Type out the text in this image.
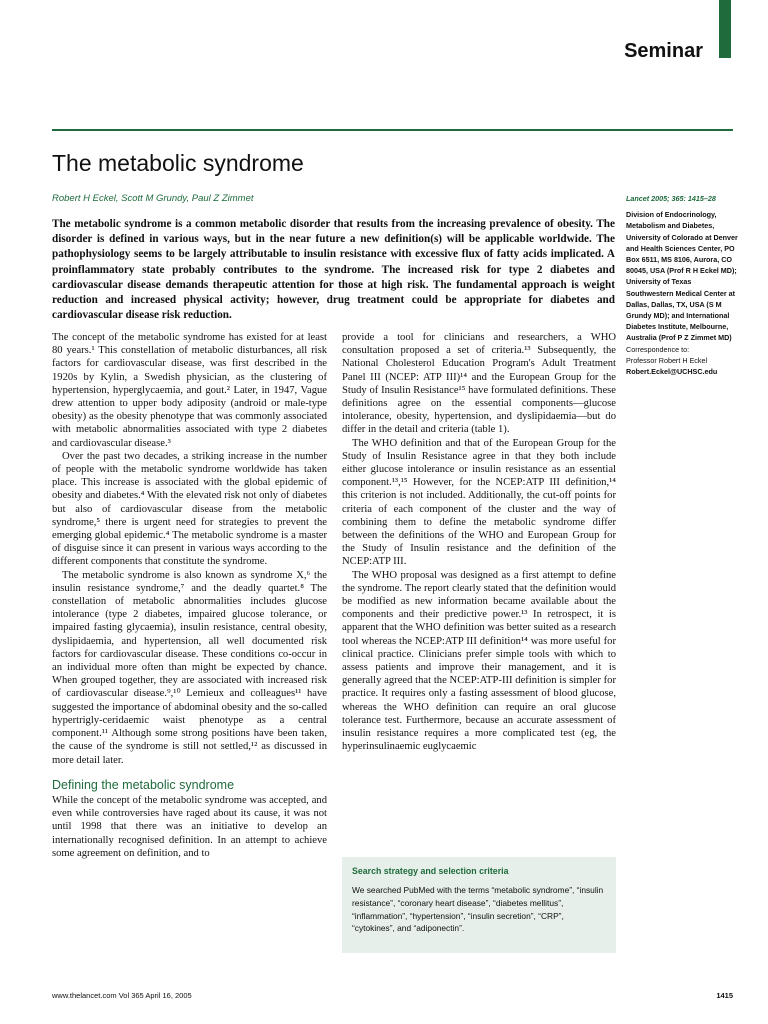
Seminar
The metabolic syndrome
Robert H Eckel, Scott M Grundy, Paul Z Zimmet

The metabolic syndrome is a common metabolic disorder that results from the increasing prevalence of obesity. The disorder is defined in various ways, but in the near future a new definition(s) will be applicable worldwide. The pathophysiology seems to be largely attributable to insulin resistance with excessive flux of fatty acids implicated. A proinflammatory state probably contributes to the syndrome. The increased risk for type 2 diabetes and cardiovascular disease demands therapeutic attention for those at high risk. The fundamental approach is weight reduction and increased physical activity; however, drug treatment could be appropriate for diabetes and cardiovascular disease risk reduction.

Lancet 2005; 365: 1415–28
Division of Endocrinology, Metabolism and Diabetes, University of Colorado at Denver and Health Sciences Center, PO Box 6511, MS 8106, Aurora, CO 80045, USA (Prof R H Eckel MD); University of Texas Southwestern Medical Center at Dallas, Dallas, TX, USA (S M Grundy MD); and International Diabetes Institute, Melbourne, Australia (Prof P Z Zimmet MD)
Correspondence to:
Professor Robert H Eckel
Robert.Eckel@UCHSC.edu

The concept of the metabolic syndrome has existed for at least 80 years.¹ This constellation of metabolic disturbances, all risk factors for cardiovascular disease, was first described in the 1920s by Kylin, a Swedish physician, as the clustering of hypertension, hyperglycaemia, and gout.² Later, in 1947, Vague drew attention to upper body adiposity (android or male-type obesity) as the obesity phenotype that was commonly associated with metabolic abnormalities associated with type 2 diabetes and cardiovascular disease.³

Over the past two decades, a striking increase in the number of people with the metabolic syndrome worldwide has taken place. This increase is associated with the global epidemic of obesity and diabetes.⁴ With the elevated risk not only of diabetes but also of cardiovascular disease from the metabolic syndrome,⁵ there is urgent need for strategies to prevent the emerging global epidemic.⁴ The metabolic syndrome is a master of disguise since it can present in various ways according to the different components that constitute the syndrome.

The metabolic syndrome is also known as syndrome X,⁶ the insulin resistance syndrome,⁷ and the deadly quartet.⁸ The constellation of metabolic abnormalities includes glucose intolerance (type 2 diabetes, impaired glucose tolerance, or impaired fasting glycaemia), insulin resistance, central obesity, dyslipidaemia, and hypertension, all well documented risk factors for cardiovascular disease. These conditions co-occur in an individual more often than might be expected by chance. When grouped together, they are associated with increased risk of cardiovascular disease.⁹,¹⁰ Lemieux and colleagues¹¹ have suggested the importance of abdominal obesity and the so-called hypertrigly-ceridaemic waist phenotype as a central component.¹¹ Although some strong positions have been taken, the cause of the syndrome is still not settled,¹² as discussed in more detail later.

Defining the metabolic syndrome

While the concept of the metabolic syndrome was accepted, and even while controversies have raged about its cause, it was not until 1998 that there was an initiative to develop an internationally recognised definition. In an attempt to achieve some agreement on definition, and to

provide a tool for clinicians and researchers, a WHO consultation proposed a set of criteria.¹³ Subsequently, the National Cholesterol Education Program's Adult Treatment Panel III (NCEP: ATP III)¹⁴ and the European Group for the Study of Insulin Resistance¹⁵ have formulated definitions. These definitions agree on the essential components—glucose intolerance, obesity, hypertension, and dyslipidaemia—but do differ in the detail and criteria (table 1).

The WHO definition and that of the European Group for the Study of Insulin Resistance agree in that they both include either glucose intolerance or insulin resistance as an essential component.¹³,¹⁵ However, for the NCEP:ATP III definition,¹⁴ this criterion is not included. Additionally, the cut-off points for criteria of each component of the cluster and the way of combining them to define the metabolic syndrome differ between the definitions of the WHO and European Group for the Study of Insulin resistance and the definition of the NCEP:ATP III.

The WHO proposal was designed as a first attempt to define the syndrome. The report clearly stated that the definition would be modified as new information became available about the components and their predictive power.¹³ In retrospect, it is apparent that the WHO definition was better suited as a research tool whereas the NCEP:ATP III definition¹⁴ was more useful for clinical practice. Clinicians prefer simple tools with which to assess patients and improve their management, and it is generally agreed that the NCEP:ATP-III definition is simpler for practice. It requires only a fasting assessment of blood glucose, whereas the WHO definition can require an oral glucose tolerance test. Furthermore, because an accurate assessment of insulin resistance requires a more complicated test (eg, the hyperinsulinaemic euglycaemic

Search strategy and selection criteria

We searched PubMed with the terms “metabolic syndrome”, “insulin resistance”, “coronary heart disease”, “diabetes mellitus”, “inflammation”, “hypertension”, “insulin secretion”, “CRP”, “cytokines”, and “adiponectin”.

www.thelancet.com Vol 365 April 16, 2005	1415
